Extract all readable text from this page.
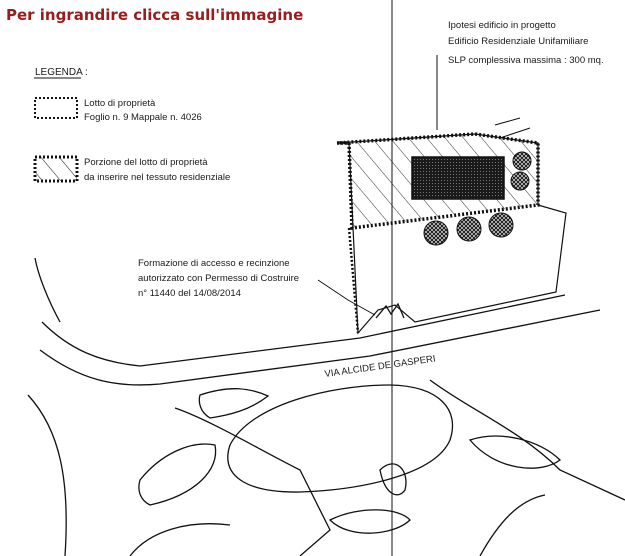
Per ingrandire clicca sull'immagine
LEGENDA :
Lotto di proprietà
Foglio n. 9 Mappale n. 4026
Porzione del lotto di proprietà
da inserire nel tessuto residenziale
Ipotesi edificio in progetto
Edificio Residenziale Unifamiliare
SLP complessiva massima : 300 mq.
Formazione di accesso e recinzione
autorizzato con Permesso di Costruire
n° 11440 del 14/08/2014
VIA ALCIDE DE GASPERI
